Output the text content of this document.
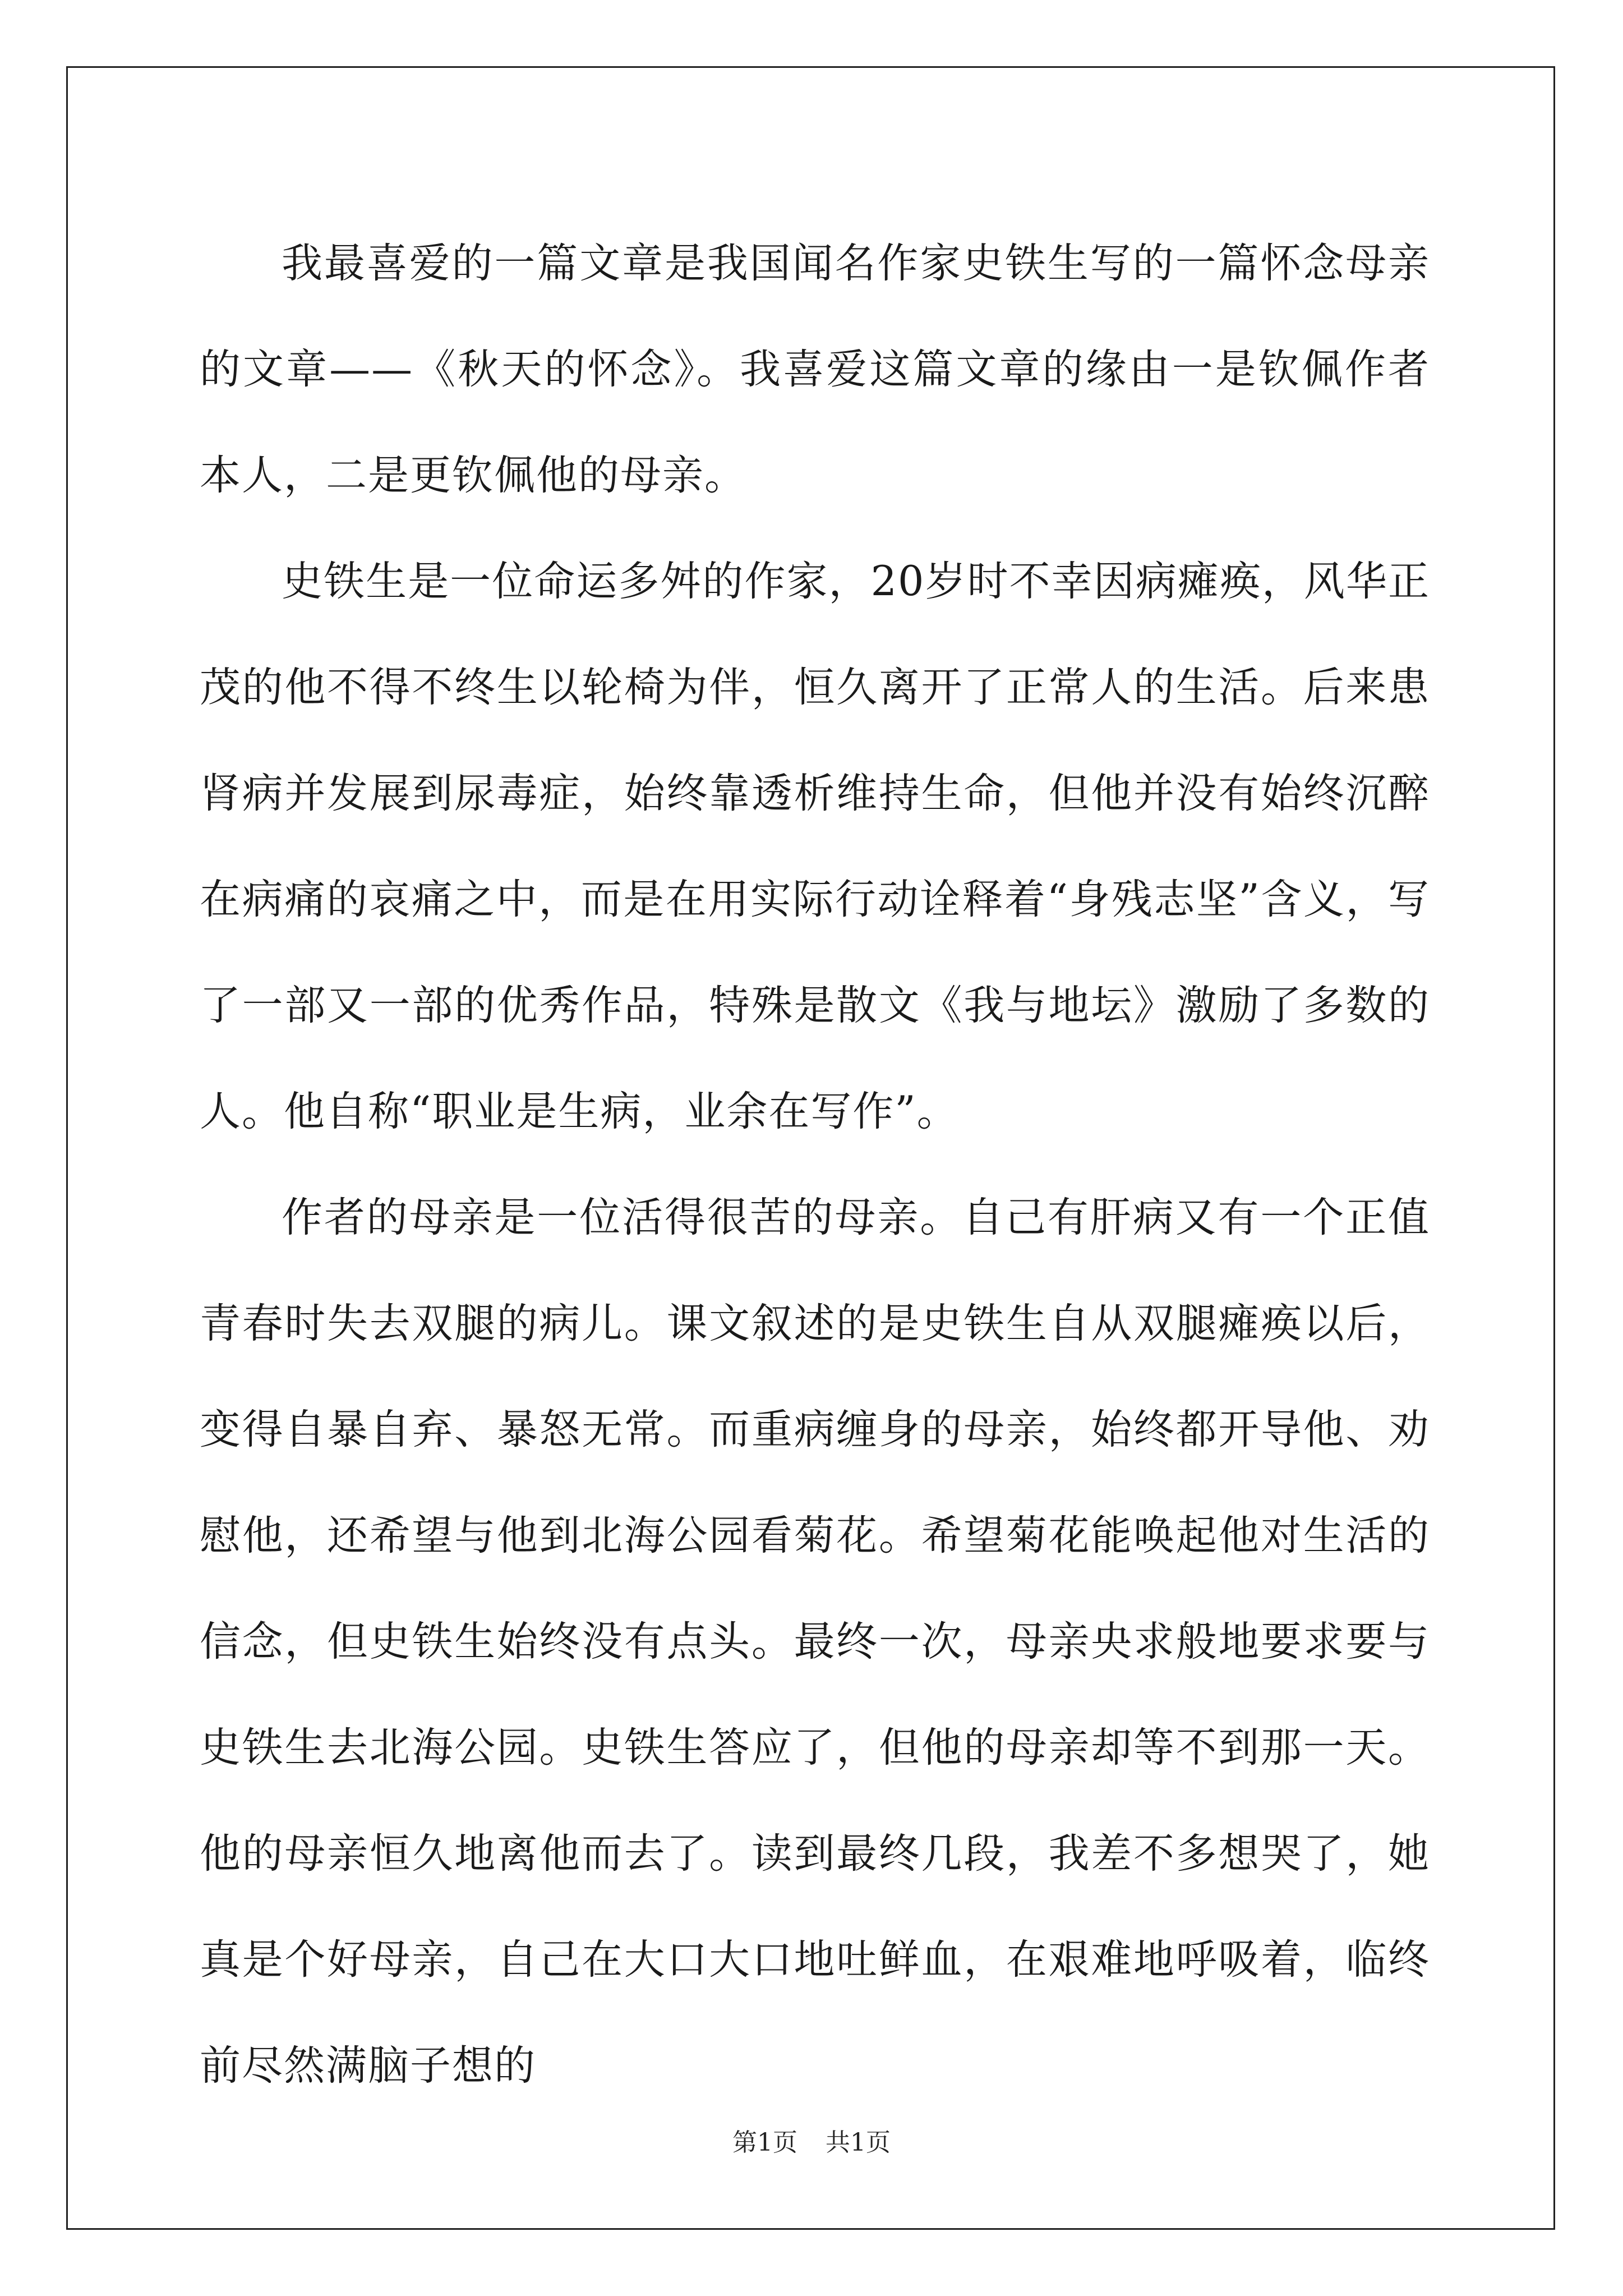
我最喜爱的一篇文章是我国闻名作家史铁生写的一篇怀念母亲的文章——《秋天的怀念》。我喜爱这篇文章的缘由一是钦佩作者本人，二是更钦佩他的母亲。

史铁生是一位命运多舛的作家，20岁时不幸因病瘫痪，风华正茂的他不得不终生以轮椅为伴，恒久离开了正常人的生活。后来患肾病并发展到尿毒症，始终靠透析维持生命，但他并没有始终沉醉在病痛的哀痛之中，而是在用实际行动诠释着“身残志坚”含义，写了一部又一部的优秀作品，特殊是散文《我与地坛》激励了多数的人。他自称“职业是生病，业余在写作”。

作者的母亲是一位活得很苦的母亲。自己有肝病又有一个正值青春时失去双腿的病儿。课文叙述的是史铁生自从双腿瘫痪以后，变得自暴自弃、暴怒无常。而重病缠身的母亲，始终都开导他、劝慰他，还希望与他到北海公园看菊花。希望菊花能唤起他对生活的信念，但史铁生始终没有点头。最终一次，母亲央求般地要求要与史铁生去北海公园。史铁生答应了，但他的母亲却等不到那一天。他的母亲恒久地离他而去了。读到最终几段，我差不多想哭了，她真是个好母亲，自己在大口大口地吐鲜血，在艰难地呼吸着，临终前尽然满脑子想的

第1页 共1页
